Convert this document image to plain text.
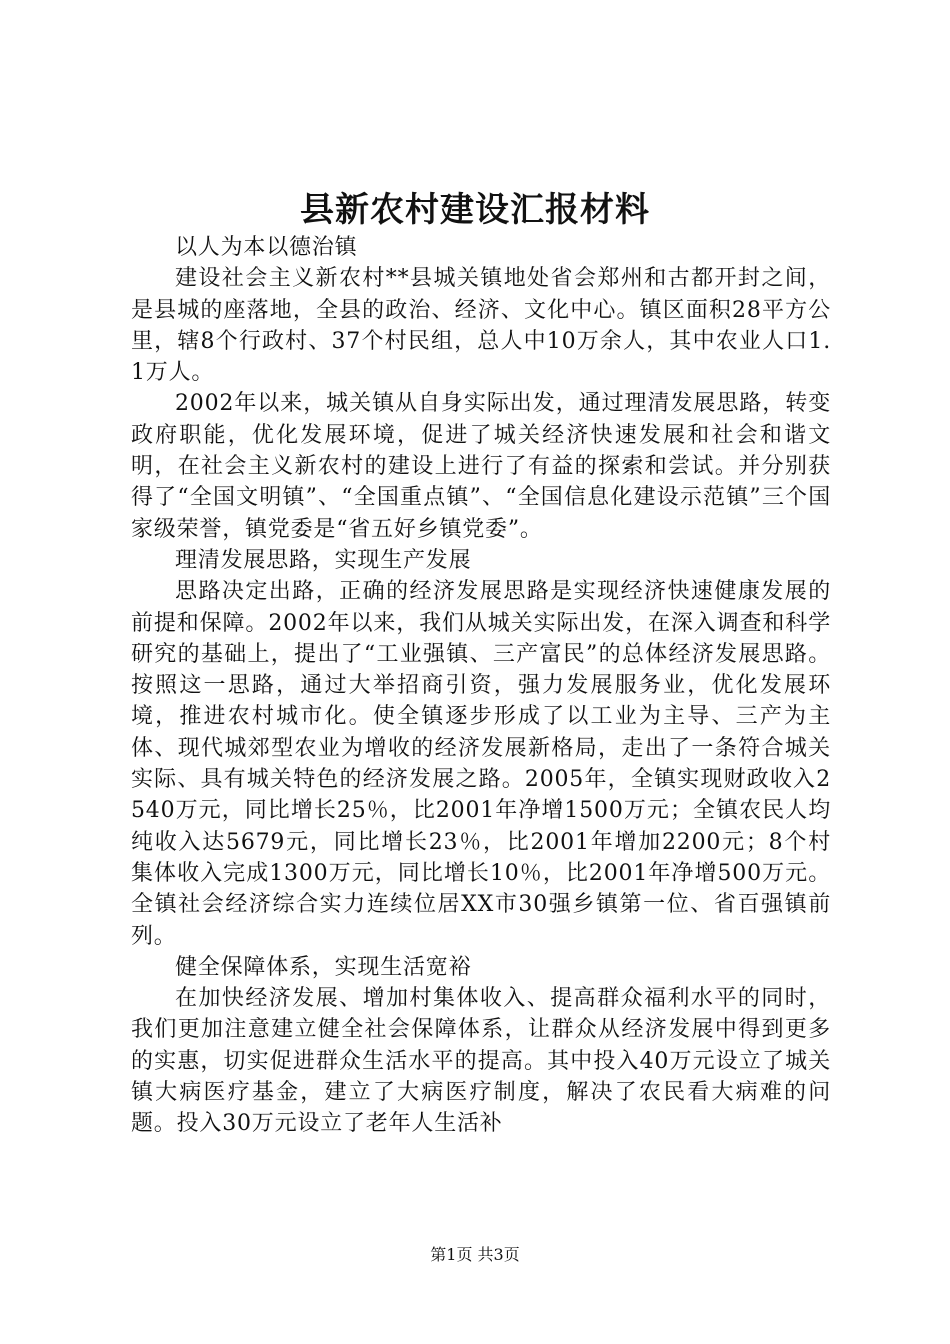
县新农村建设汇报材料

以人为本以德治镇

建设社会主义新农村**县城关镇地处省会郑州和古都开封之间，是县城的座落地，全县的政治、经济、文化中心。镇区面积28平方公里，辖8个行政村、37个村民组，总人中10万余人，其中农业人口1.1万人。

2002年以来，城关镇从自身实际出发，通过理清发展思路，转变政府职能，优化发展环境，促进了城关经济快速发展和社会和谐文明，在社会主义新农村的建设上进行了有益的探索和尝试。并分别获得了“全国文明镇”、“全国重点镇”、“全国信息化建设示范镇”三个国家级荣誉，镇党委是“省五好乡镇党委”。

理清发展思路，实现生产发展

思路决定出路，正确的经济发展思路是实现经济快速健康发展的前提和保障。2002年以来，我们从城关实际出发，在深入调查和科学研究的基础上，提出了“工业强镇、三产富民”的总体经济发展思路。按照这一思路，通过大举招商引资，强力发展服务业，优化发展环境，推进农村城市化。使全镇逐步形成了以工业为主导、三产为主体、现代城郊型农业为增收的经济发展新格局，走出了一条符合城关实际、具有城关特色的经济发展之路。2005年，全镇实现财政收入2540万元，同比增长25％，比2001年净增1500万元；全镇农民人均纯收入达5679元，同比增长23％，比2001年增加2200元；8个村集体收入完成1300万元，同比增长10％，比2001年净增500万元。全镇社会经济综合实力连续位居XX市30强乡镇第一位、省百强镇前列。

健全保障体系，实现生活宽裕

在加快经济发展、增加村集体收入、提高群众福利水平的同时，我们更加注意建立健全社会保障体系，让群众从经济发展中得到更多的实惠，切实促进群众生活水平的提高。其中投入40万元设立了城关镇大病医疗基金，建立了大病医疗制度，解决了农民看大病难的问题。投入30万元设立了老年人生活补

第1页 共3页
